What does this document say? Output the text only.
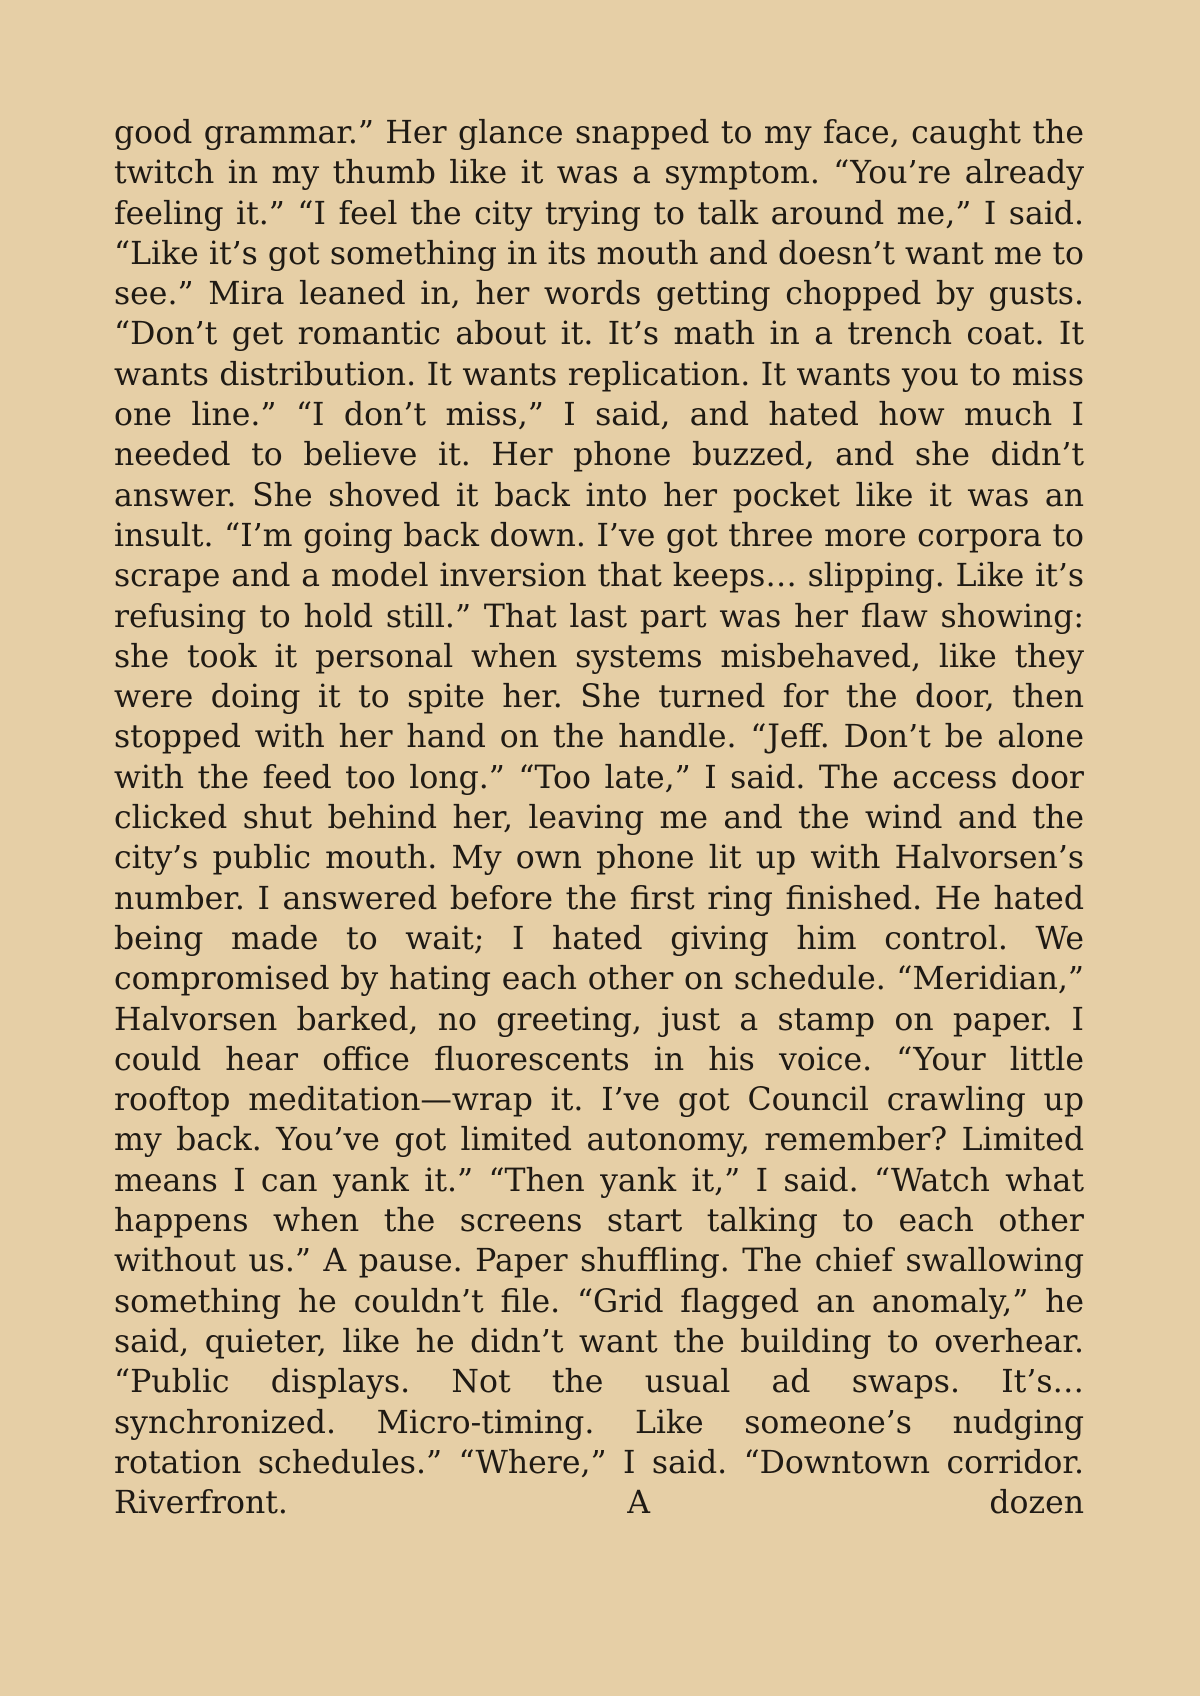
good grammar.” Her glance snapped to my face, caught the twitch in my thumb like it was a symptom. “You’re already feeling it.” “I feel the city trying to talk around me,” I said. “Like it’s got something in its mouth and doesn’t want me to see.” Mira leaned in, her words getting chopped by gusts. “Don’t get romantic about it. It’s math in a trench coat. It wants distribution. It wants replication. It wants you to miss one line.” “I don’t miss,” I said, and hated how much I needed to believe it. Her phone buzzed, and she didn’t answer. She shoved it back into her pocket like it was an insult. “I’m going back down. I’ve got three more corpora to scrape and a model inversion that keeps… slipping. Like it’s refusing to hold still.” That last part was her flaw showing: she took it personal when systems misbehaved, like they were doing it to spite her. She turned for the door, then stopped with her hand on the handle. “Jeff. Don’t be alone with the feed too long.” “Too late,” I said. The access door clicked shut behind her, leaving me and the wind and the city’s public mouth. My own phone lit up with Halvorsen’s number. I answered before the first ring finished. He hated being made to wait; I hated giving him control. We compromised by hating each other on schedule. “Meridian,” Halvorsen barked, no greeting, just a stamp on paper. I could hear office fluorescents in his voice. “Your little rooftop meditation—wrap it. I’ve got Council crawling up my back. You’ve got limited autonomy, remember? Limited means I can yank it.” “Then yank it,” I said. “Watch what happens when the screens start talking to each other without us.” A pause. Paper shuffling. The chief swallowing something he couldn’t file. “Grid flagged an anomaly,” he said, quieter, like he didn’t want the building to overhear. “Public displays. Not the usual ad swaps. It’s… synchronized. Micro-timing. Like someone’s nudging rotation schedules.” “Where,” I said. “Downtown corridor. Riverfront. A dozen
